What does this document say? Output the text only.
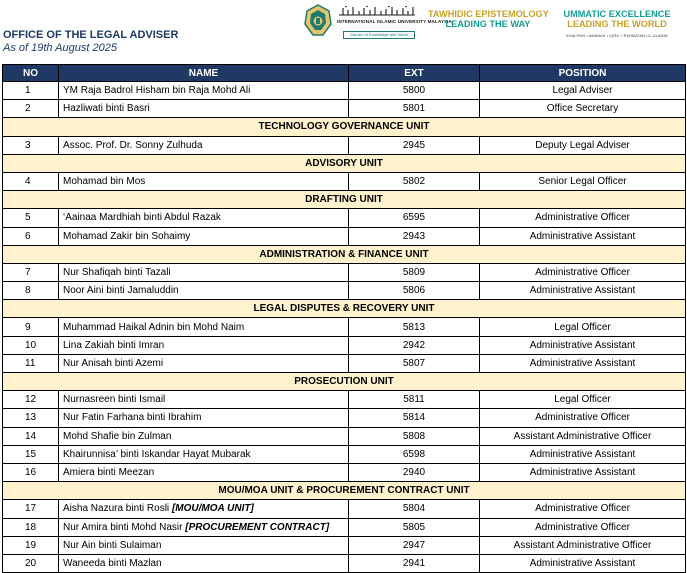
OFFICE OF THE LEGAL ADVISER
As of 19th August 2025
INTERNATIONAL ISLAMIC UNIVERSITY MALAYSIA
Garden of Knowledge and Virtue
TAWHIDIC EPISTEMOLOGY
LEADING THE WAY
UMMATIC EXCELLENCE
LEADING THE WORLD
KHALIFAH • AMANAH • IQRA' • RAHMATAN LIL-ALAMIN
NO	NAME	EXT	POSITION
1	YM Raja Badrol Hisham bin Raja Mohd Ali	5800	Legal Adviser
2	Hazliwati binti Basri	5801	Office Secretary
TECHNOLOGY GOVERNANCE UNIT			
3	Assoc. Prof. Dr. Sonny Zulhuda	2945	Deputy Legal Adviser
ADVISORY UNIT			
4	Mohamad bin Mos	5802	Senior Legal Officer
DRAFTING UNIT			
5	‘Aainaa Mardhiah binti Abdul Razak	6595	Administrative Officer
6	Mohamad Zakir bin Sohaimy	2943	Administrative Assistant
ADMINISTRATION & FINANCE UNIT			
7	Nur Shafiqah binti Tazali	5809	Administrative Officer
8	Noor Aini binti Jamaluddin	5806	Administrative Assistant
LEGAL DISPUTES & RECOVERY UNIT			
9	Muhammad Haikal Adnin bin Mohd Naim	5813	Legal Officer
10	Lina Zakiah binti Imran	2942	Administrative Assistant
11	Nur Anisah binti Azemi	5807	Administrative Assistant
PROSECUTION UNIT			
12	Nurnasreen binti Ismail	5811	Legal Officer
13	Nur Fatin Farhana binti Ibrahim	5814	Administrative Officer
14	Mohd Shafie bin Zulman	5808	Assistant Administrative Officer
15	Khairunnisa’ binti Iskandar Hayat Mubarak	6598	Administrative Assistant
16	Amiera binti Meezan	2940	Administrative Assistant
MOU/MOA UNIT & PROCUREMENT CONTRACT UNIT			
17	Aisha Nazura binti Rosli [MOU/MOA UNIT]	5804	Administrative Officer
18	Nur Amira binti Mohd Nasir [PROCUREMENT CONTRACT]	5805	Administrative Officer
19	Nur Ain binti Sulaiman	2947	Assistant Administrative Officer
20	Waneeda binti Mazlan	2941	Administrative Assistant
